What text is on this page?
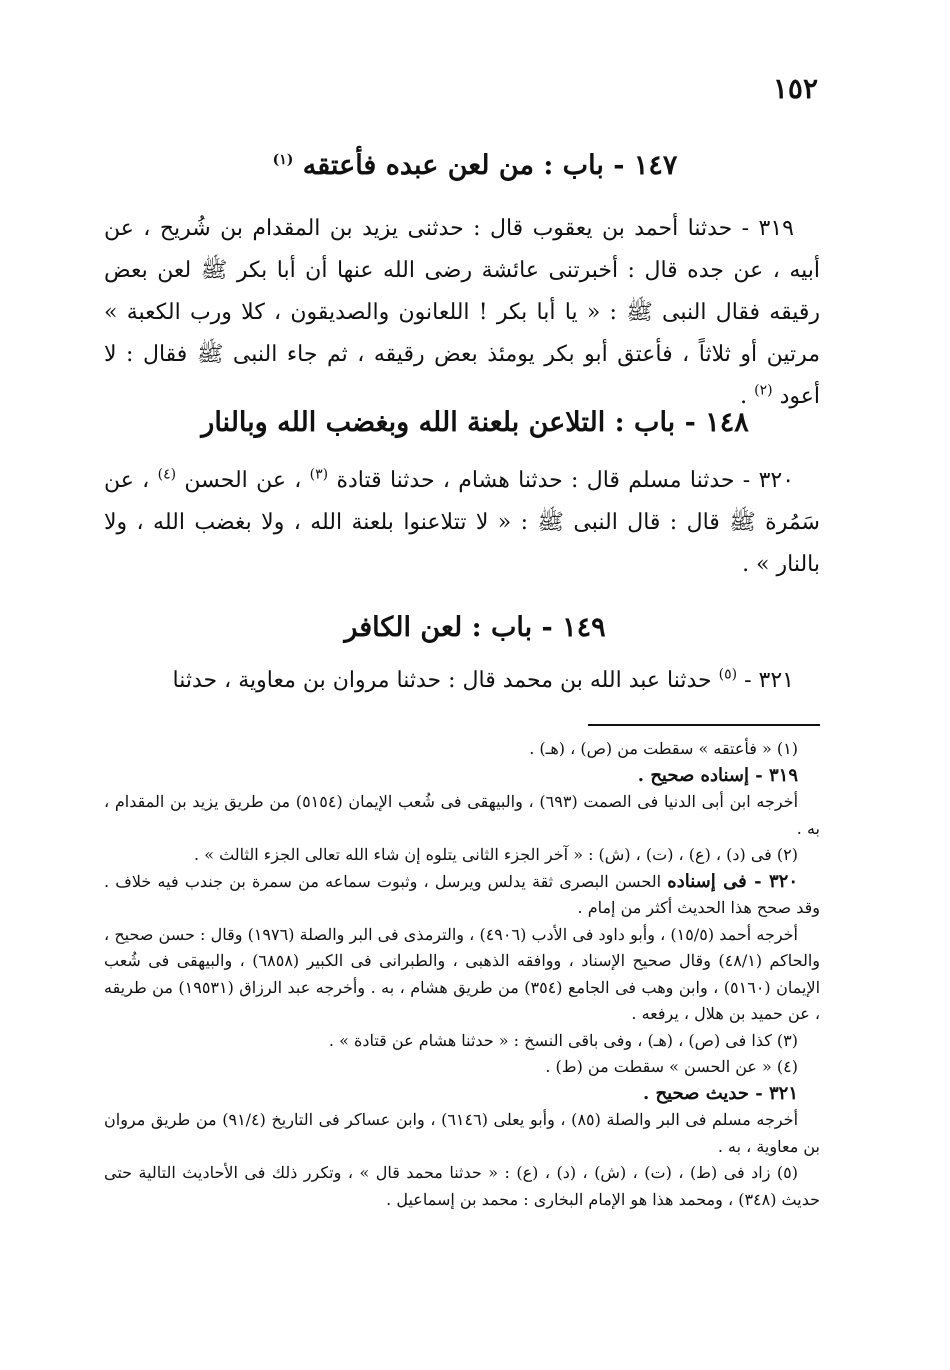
١٥٢
١٤٧ - باب : من لعن عبده فأعتقه $^{(١)}$

٣١٩ - حدثنا أحمد بن يعقوب قال : حدثنى يزيد بن المقدام بن شُريح ، عن أبيه ، عن جده قال : أخبرتنى عائشة رضى الله عنها أن أبا بكر ﷺ لعن بعض رقيقه فقال النبى ﷺ : « يا أبا بكر ! اللعانون والصديقون ، كلا ورب الكعبة » مرتين أو ثلاثاً ، فأعتق أبو بكر يومئذ بعض رقيقه ، ثم جاء النبى ﷺ فقال : لا أعود $^{(٢)}$ .

١٤٨ - باب : التلاعن بلعنة الله وبغضب الله وبالنار

٣٢٠ - حدثنا مسلم قال : حدثنا هشام ، حدثنا قتادة $^{(٣)}$ ، عن الحسن $^{(٤)}$ ، عن سَمُرة ﷺ قال : قال النبى ﷺ : « لا تتلاعنوا بلعنة الله ، ولا بغضب الله ، ولا بالنار » .

١٤٩ - باب : لعن الكافر

٣٢١ - $^{(٥)}$ حدثنا عبد الله بن محمد قال : حدثنا مروان بن معاوية ، حدثنا

(١) « فأعتقه » سقطت من (ص) ، (هـ) .

٣١٩ - إسناده صحيح .

أخرجه ابن أبى الدنيا فى الصمت (٦٩٣) ، والبيهقى فى شُعب الإيمان (٥١٥٤) من طريق يزيد بن المقدام ، به .

(٢) فى (د) ، (ع) ، (ت) ، (ش) : « آخر الجزء الثانى يتلوه إن شاء الله تعالى الجزء الثالث » .

٣٢٠ - فى إسناده الحسن البصرى ثقة يدلس ويرسل ، وثبوت سماعه من سمرة بن جندب فيه خلاف . وقد صحح هذا الحديث أكثر من إمام .

أخرجه أحمد (١٥/٥) ، وأبو داود فى الأدب (٤٩٠٦) ، والترمذى فى البر والصلة (١٩٧٦) وقال : حسن صحيح ، والحاكم (٤٨/١) وقال صحيح الإسناد ، ووافقه الذهبى ، والطبرانى فى الكبير (٦٨٥٨) ، والبيهقى فى شُعب الإيمان (٥١٦٠) ، وابن وهب فى الجامع (٣٥٤) من طريق هشام ، به . وأخرجه عبد الرزاق (١٩٥٣١) من طريقه ، عن حميد بن هلال ، يرفعه .

(٣) كذا فى (ص) ، (هـ) ، وفى باقى النسخ : « حدثنا هشام عن قتادة » .

(٤) « عن الحسن » سقطت من (ط) .

٣٢١ - حديث صحيح .

أخرجه مسلم فى البر والصلة (٨٥) ، وأبو يعلى (٦١٤٦) ، وابن عساكر فى التاريخ (٩١/٤) من طريق مروان بن معاوية ، به .

(٥) زاد فى (ط) ، (ت) ، (ش) ، (د) ، (ع) : « حدثنا محمد قال » ، وتكرر ذلك فى الأحاديث التالية حتى حديث (٣٤٨) ، ومحمد هذا هو الإمام البخارى : محمد بن إسماعيل .
